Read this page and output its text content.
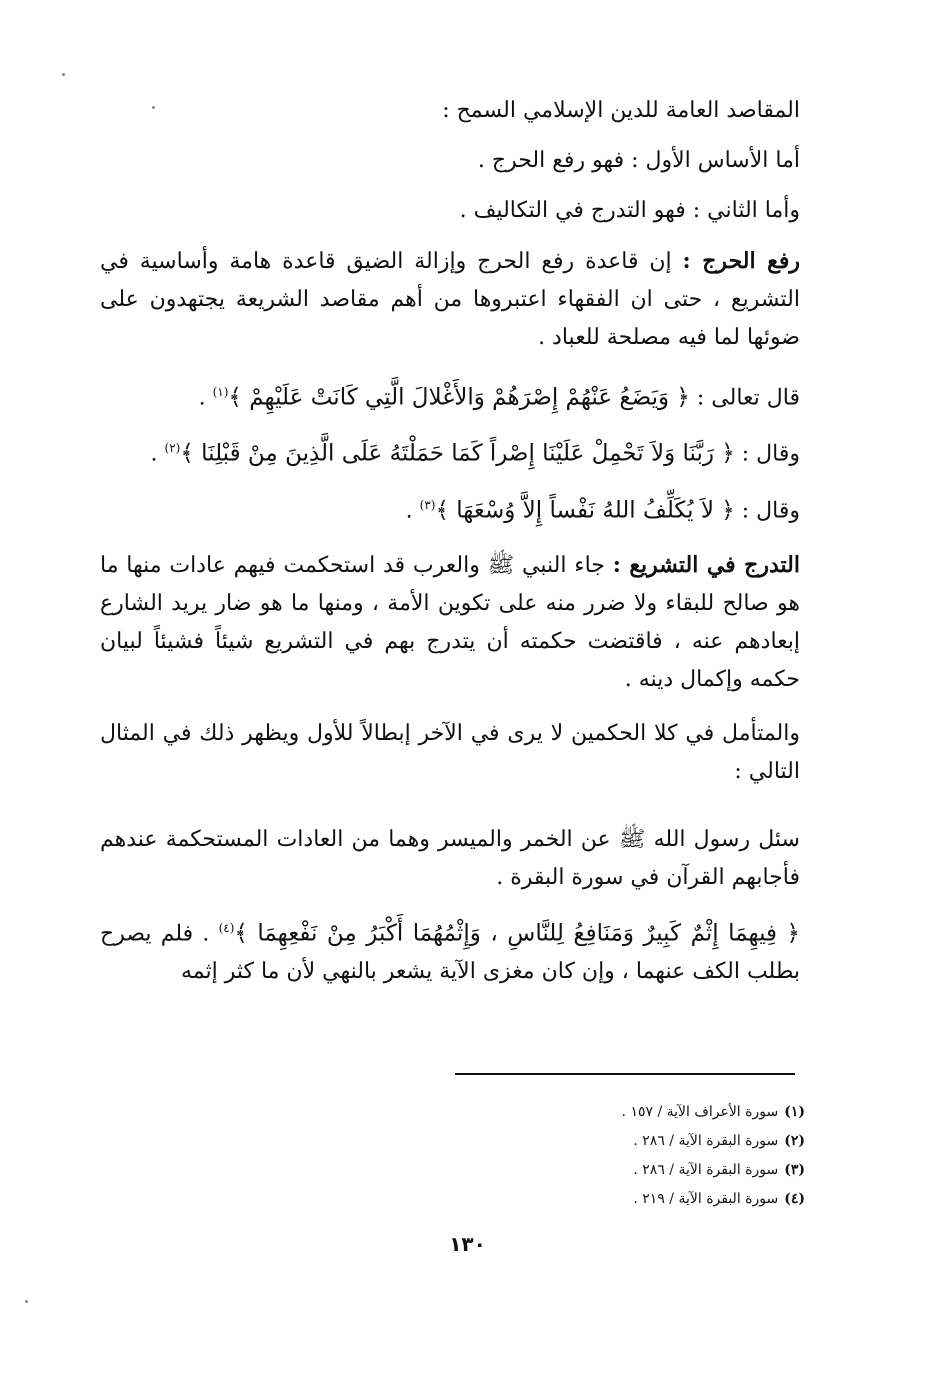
المقاصد العامة للدين الإسلامي السمح :

أما الأساس الأول : فهو رفع الحرج .

وأما الثاني : فهو التدرج في التكاليف .

رفع الحرج : إن قاعدة رفع الحرج وإزالة الضيق قاعدة هامة وأساسية في التشريع ، حتى ان الفقهاء اعتبروها من أهم مقاصد الشريعة يجتهدون على ضوئها لما فيه مصلحة للعباد .

قال تعالى : ﴿ وَيَضَعُ عَنْهُمْ إِصْرَهُمْ وَالأَغْلالَ الَّتِي كَانَتْ عَلَيْهِمْ ﴾$^{(١)}$ .

وقال : ﴿ رَبَّنَا وَلاَ تَحْمِلْ عَلَيْنَا إِصْراً كَمَا حَمَلْتَهُ عَلَى الَّذِينَ مِنْ قَبْلِنَا ﴾$^{(٢)}$ .

وقال : ﴿ لاَ يُكَلِّفُ اللهُ نَفْساً إِلاَّ وُسْعَهَا ﴾$^{(٣)}$ .

التدرج في التشريع : جاء النبي ﷺ والعرب قد استحكمت فيهم عادات منها ما هو صالح للبقاء ولا ضرر منه على تكوين الأمة ، ومنها ما هو ضار يريد الشارع إبعادهم عنه ، فاقتضت حكمته أن يتدرج بهم في التشريع شيئاً فشيئاً لبيان حكمه وإكمال دينه .

والمتأمل في كلا الحكمين لا يرى في الآخر إبطالاً للأول ويظهر ذلك في المثال التالي :

سئل رسول الله ﷺ عن الخمر والميسر وهما من العادات المستحكمة عندهم فأجابهم القرآن في سورة البقرة .

﴿ فِيهِمَا إِثْمٌ كَبِيرٌ وَمَنَافِعُ لِلنَّاسِ ، وَإِثْمُهُمَا أَكْبَرُ مِنْ نَفْعِهِمَا ﴾$^{(٤)}$ . فلم يصرح بطلب الكف عنهما ، وإن كان مغزى الآية يشعر بالنهي لأن ما كثر إثمه

(١)سورة الأعراف الآية / ١٥٧ .
(٢)سورة البقرة الآية / ٢٨٦ .
(٣)سورة البقرة الآية / ٢٨٦ .
(٤)سورة البقرة الآية / ٢١٩ .
١٣٠
